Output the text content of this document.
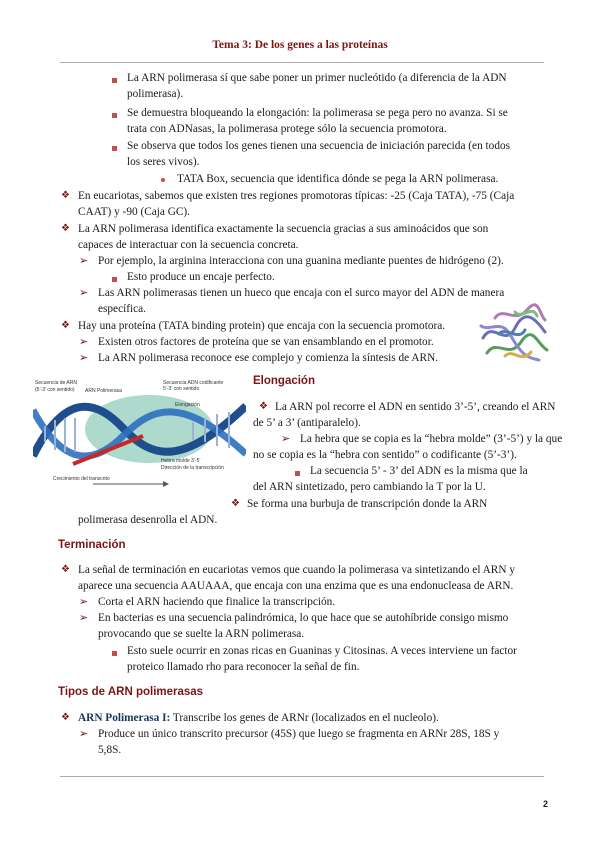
Tema 3: De los genes a las proteínas
La ARN polimerasa sí que sabe poner un primer nucleótido (a diferencia de la ADN
polimerasa).
Se demuestra bloqueando la elongación: la polimerasa se pega pero no avanza. Si se
trata con ADNasas, la polimerasa protege sólo la secuencia promotora.
Se observa que todos los genes tienen una secuencia de iniciación parecida (en todos
los seres vivos).
TATA Box, secuencia que identifica dónde se pega la ARN polimerasa.
❖ En eucariotas, sabemos que existen tres regiones promotoras típicas: -25 (Caja TATA), -75 (Caja
CAAT) y -90 (Caja GC).
❖ La ARN polimerasa identifica exactamente la secuencia gracias a sus aminoácidos que son
capaces de interactuar con la secuencia concreta.
➢ Por ejemplo, la arginina interacciona con una guanina mediante puentes de hidrógeno (2).
Esto produce un encaje perfecto.
➢ Las ARN polimerasas tienen un hueco que encaja con el surco mayor del ADN de manera
específica.
❖ Hay una proteína (TATA binding protein) que encaja con la secuencia promotora.
➢ Existen otros factores de proteína que se van ensamblando en el promotor.
➢ La ARN polimerasa reconoce ese complejo y comienza la síntesis de ARN.
Secuencia de ARN
(5’-3’ con sentido) ARN Polimerasa
Secuencia ADN codificante
5’-3’ con sentido
Elongación
Hebra molde 3’-5’
Dirección de la transcripción
Crecimiento del transcrito
Elongación
❖ La ARN pol recorre el ADN en sentido 3’-5’, creando el ARN
de 5’ a 3’ (antiparalelo).
➢ La hebra que se copia es la “hebra molde” (3’-5’) y la que
no se copia es la “hebra con sentido” o codificante (5’-3’).
La secuencia 5’ - 3’ del ADN es la misma que la
del ARN sintetizado, pero cambiando la T por la U.
❖ Se forma una burbuja de transcripción donde la ARN
polimerasa desenrolla el ADN.
Terminación
❖ La señal de terminación en eucariotas vemos que cuando la polimerasa va sintetizando el ARN y
aparece una secuencia AAUAAA, que encaja con una enzima que es una endonucleasa de ARN.
➢ Corta el ARN haciendo que finalice la transcripción.
➢ En bacterias es una secuencia palindrómica, lo que hace que se autohíbride consigo mismo
provocando que se suelte la ARN polimerasa.
Esto suele ocurrir en zonas ricas en Guaninas y Citosinas. A veces interviene un factor
proteico llamado rho para reconocer la señal de fin.
Tipos de ARN polimerasas
❖ ARN Polimerasa I: Transcribe los genes de ARNr (localizados en el nucleolo).
➢ Produce un único transcrito precursor (45S) que luego se fragmenta en ARNr 28S, 18S y
5,8S.
2
